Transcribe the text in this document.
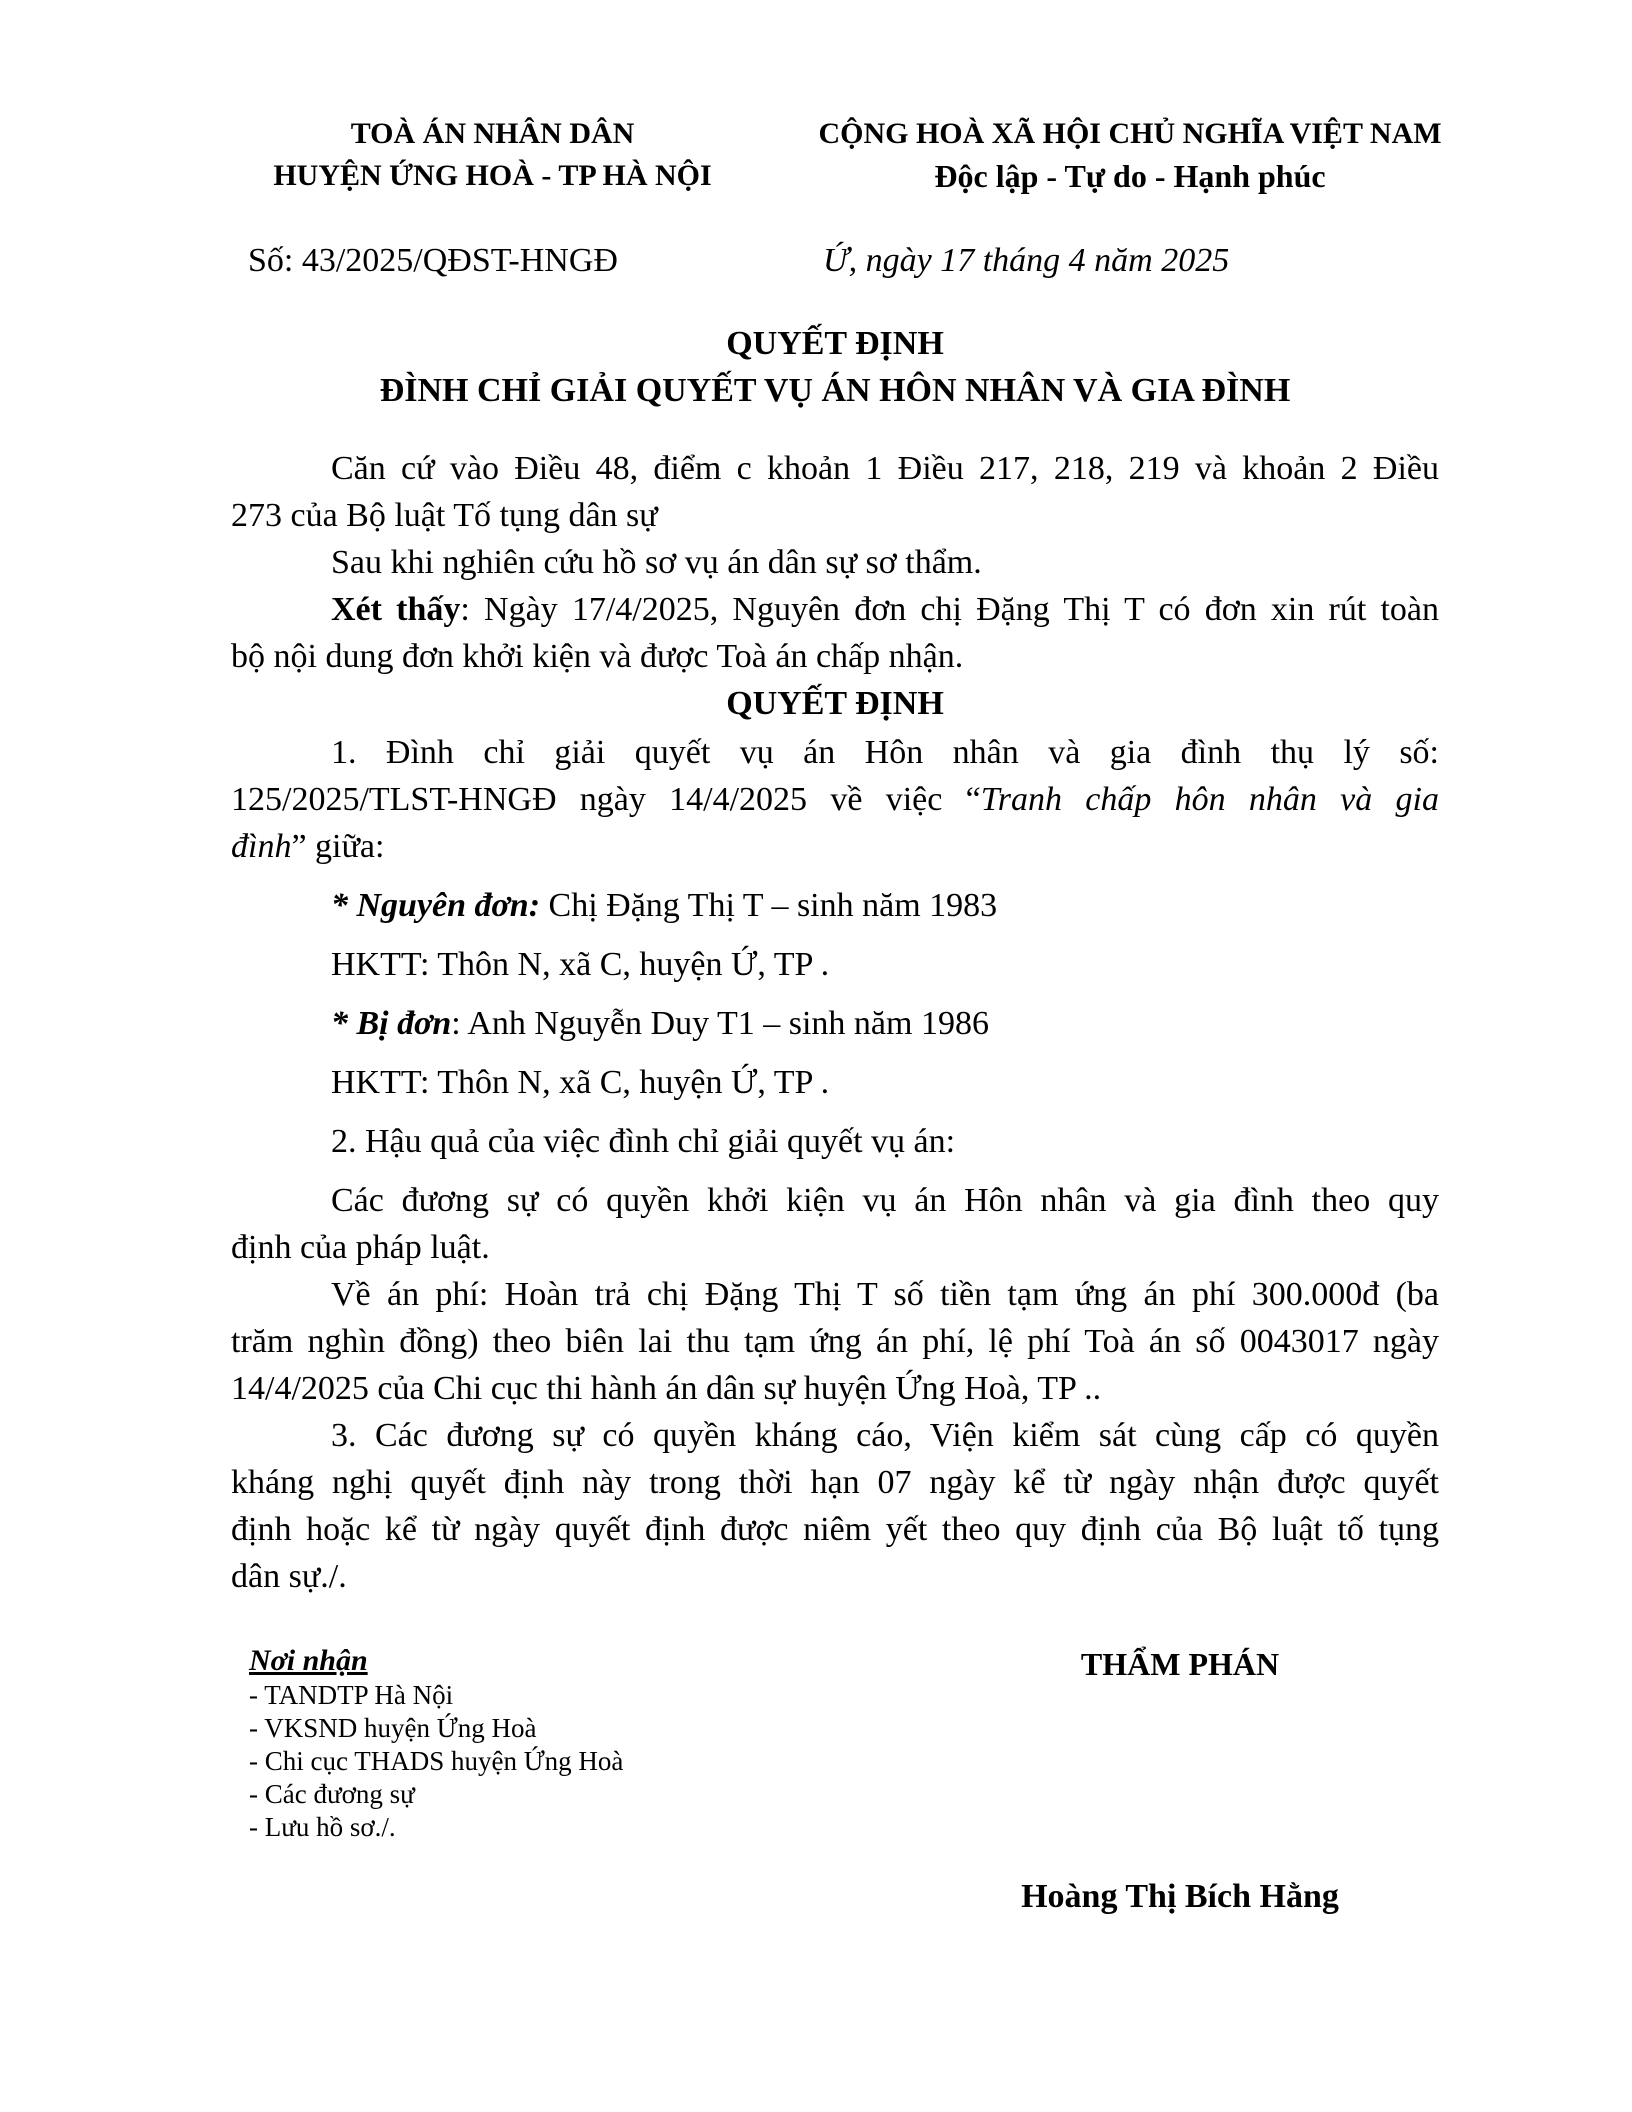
TOÀ ÁN NHÂN DÂN
HUYỆN ỨNG HOÀ - TP HÀ NỘI
CỘNG HOÀ XÃ HỘI CHỦ NGHĨA VIỆT NAM
Độc lập - Tự do - Hạnh phúc
Số: 43/2025/QĐST-HNGĐ	Ứ, ngày 17 tháng 4 năm 2025
QUYẾT ĐỊNH
ĐÌNH CHỈ GIẢI QUYẾT VỤ ÁN HÔN NHÂN VÀ GIA ĐÌNH
Căn cứ vào Điều 48, điểm c khoản 1 Điều 217, 218, 219 và khoản 2 Điều
273 của Bộ luật Tố tụng dân sự
Sau khi nghiên cứu hồ sơ vụ án dân sự sơ thẩm.
Xét thấy: Ngày 17/4/2025, Nguyên đơn chị Đặng Thị T có đơn xin rút toàn
bộ nội dung đơn khởi kiện và được Toà án chấp nhận.
QUYẾT ĐỊNH
1. Đình chỉ giải quyết vụ án Hôn nhân và gia đình thụ lý số:
125/2025/TLST-HNGĐ ngày 14/4/2025 về việc “Tranh chấp hôn nhân và gia
đình” giữa:
* Nguyên đơn: Chị Đặng Thị T – sinh năm 1983
HKTT: Thôn N, xã C, huyện Ứ, TP .
* Bị đơn: Anh Nguyễn Duy T1 – sinh năm 1986
HKTT: Thôn N, xã C, huyện Ứ, TP .
2. Hậu quả của việc đình chỉ giải quyết vụ án:
Các đương sự có quyền khởi kiện vụ án Hôn nhân và gia đình theo quy
định của pháp luật.
Về án phí: Hoàn trả chị Đặng Thị T số tiền tạm ứng án phí 300.000đ (ba
trăm nghìn đồng) theo biên lai thu tạm ứng án phí, lệ phí Toà án số 0043017 ngày
14/4/2025 của Chi cục thi hành án dân sự huyện Ứng Hoà, TP ..
3. Các đương sự có quyền kháng cáo, Viện kiểm sát cùng cấp có quyền
kháng nghị quyết định này trong thời hạn 07 ngày kể từ ngày nhận được quyết
định hoặc kể từ ngày quyết định được niêm yết theo quy định của Bộ luật tố tụng
dân sự./.
Nơi nhận
- TANDTP Hà Nội
- VKSND huyện Ứng Hoà
- Chi cục THADS huyện Ứng Hoà
- Các đương sự
- Lưu hồ sơ./.
THẨM PHÁN
Hoàng Thị Bích Hằng
